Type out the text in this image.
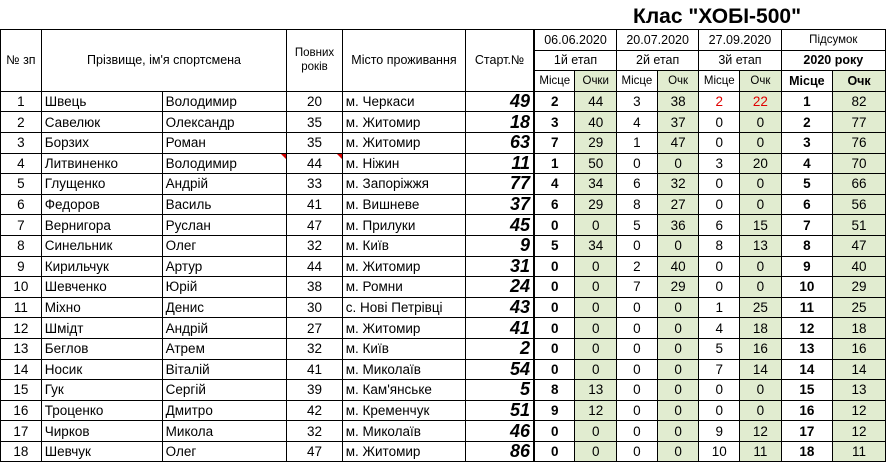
Клас "ХОБІ-500"
№ зп	Прізвище, ім'я спортсмена		Повних років	Місто проживання	Старт.№	06.06.2020		20.07.2020		27.09.2020		Підсумок	
						1й етап		2й етап		3й етап		2020 року	
						Місце	Очки	Місце	Очк	Місце	Очк	Місце	Очк
1	Швець	Володимир	20	м. Черкаси	49	2	44	3	38	2	22	1	82
2	Савелюк	Олександр	35	м. Житомир	18	3	40	4	37	0	0	2	77
3	Борзих	Роман	35	м. Житомир	63	7	29	1	47	0	0	3	76
4	Литвиненко	Володимир	44	м. Ніжин	11	1	50	0	0	3	20	4	70
5	Глущенко	Андрій	33	м. Запоріжжя	77	4	34	6	32	0	0	5	66
6	Федоров	Василь	41	м. Вишневе	37	6	29	8	27	0	0	6	56
7	Вернигора	Руслан	47	м. Прилуки	45	0	0	5	36	6	15	7	51
8	Синельник	Олег	32	м. Київ	9	5	34	0	0	8	13	8	47
9	Кирильчук	Артур	44	м. Житомир	31	0	0	2	40	0	0	9	40
10	Шевченко	Юрій	38	м. Ромни	24	0	0	7	29	0	0	10	29
11	Міхно	Денис	30	с. Нові Петрівці	43	0	0	0	0	1	25	11	25
12	Шмідт	Андрій	27	м. Житомир	41	0	0	0	0	4	18	12	18
13	Беглов	Атрем	32	м. Київ	2	0	0	0	0	5	16	13	16
14	Носик	Віталій	41	м. Миколаїв	54	0	0	0	0	7	14	14	14
15	Гук	Сергій	39	м. Кам'янське	5	8	13	0	0	0	0	15	13
16	Троценко	Дмитро	42	м. Кременчук	51	9	12	0	0	0	0	16	12
17	Чирков	Микола	32	м. Миколаїв	46	0	0	0	0	9	12	17	12
18	Шевчук	Олег	47	м. Житомир	86	0	0	0	0	10	11	18	11
